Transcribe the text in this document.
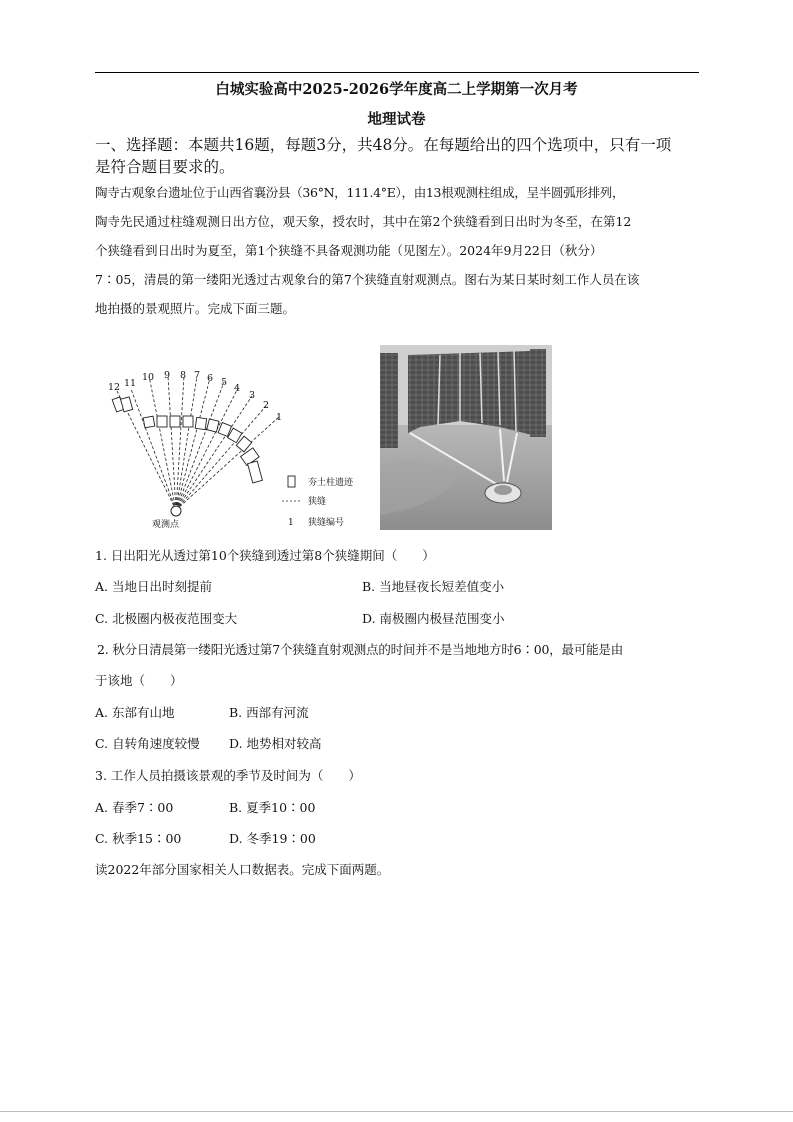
白城实验高中2025-2026学年度高二上学期第一次月考
地理试卷
一、选择题：本题共16题，每题3分，共48分。在每题给出的四个选项中，只有一项
是符合题目要求的。
陶寺古观象台遗址位于山西省襄汾县（36°N，111.4°E），由13根观测柱组成，呈半圆弧形排列，
陶寺先民通过柱缝观测日出方位，观天象，授农时，其中在第2个狭缝看到日出时为冬至，在第12
个狭缝看到日出时为夏至，第1个狭缝不具备观测功能（见图左）。2024年9月22日（秋分）
7∶05，清晨的第一缕阳光透过古观象台的第7个狭缝直射观测点。图右为某日某时刻工作人员在该
地拍摄的景观照片。完成下面三题。
1
2
3
4
5
6
7
8
9
10
11
12
观测点
夯土柱遗迹
狭缝
1 狭缝编号
1. 日出阳光从透过第10个狭缝到透过第8个狭缝期间（　　）
A. 当地日出时刻提前	B. 当地昼夜长短差值变小
C. 北极圈内极夜范围变大	D. 南极圈内极昼范围变小
2. 秋分日清晨第一缕阳光透过第7个狭缝直射观测点的时间并不是当地地方时6∶00，最可能是由
于该地（　　）
A. 东部有山地	B. 西部有河流
C. 自转角速度较慢 D. 地势相对较高
3. 工作人员拍摄该景观的季节及时间为（　　）
A. 春季7∶00	B. 夏季10∶00
C. 秋季15∶00	D. 冬季19∶00
读2022年部分国家相关人口数据表。完成下面两题。
